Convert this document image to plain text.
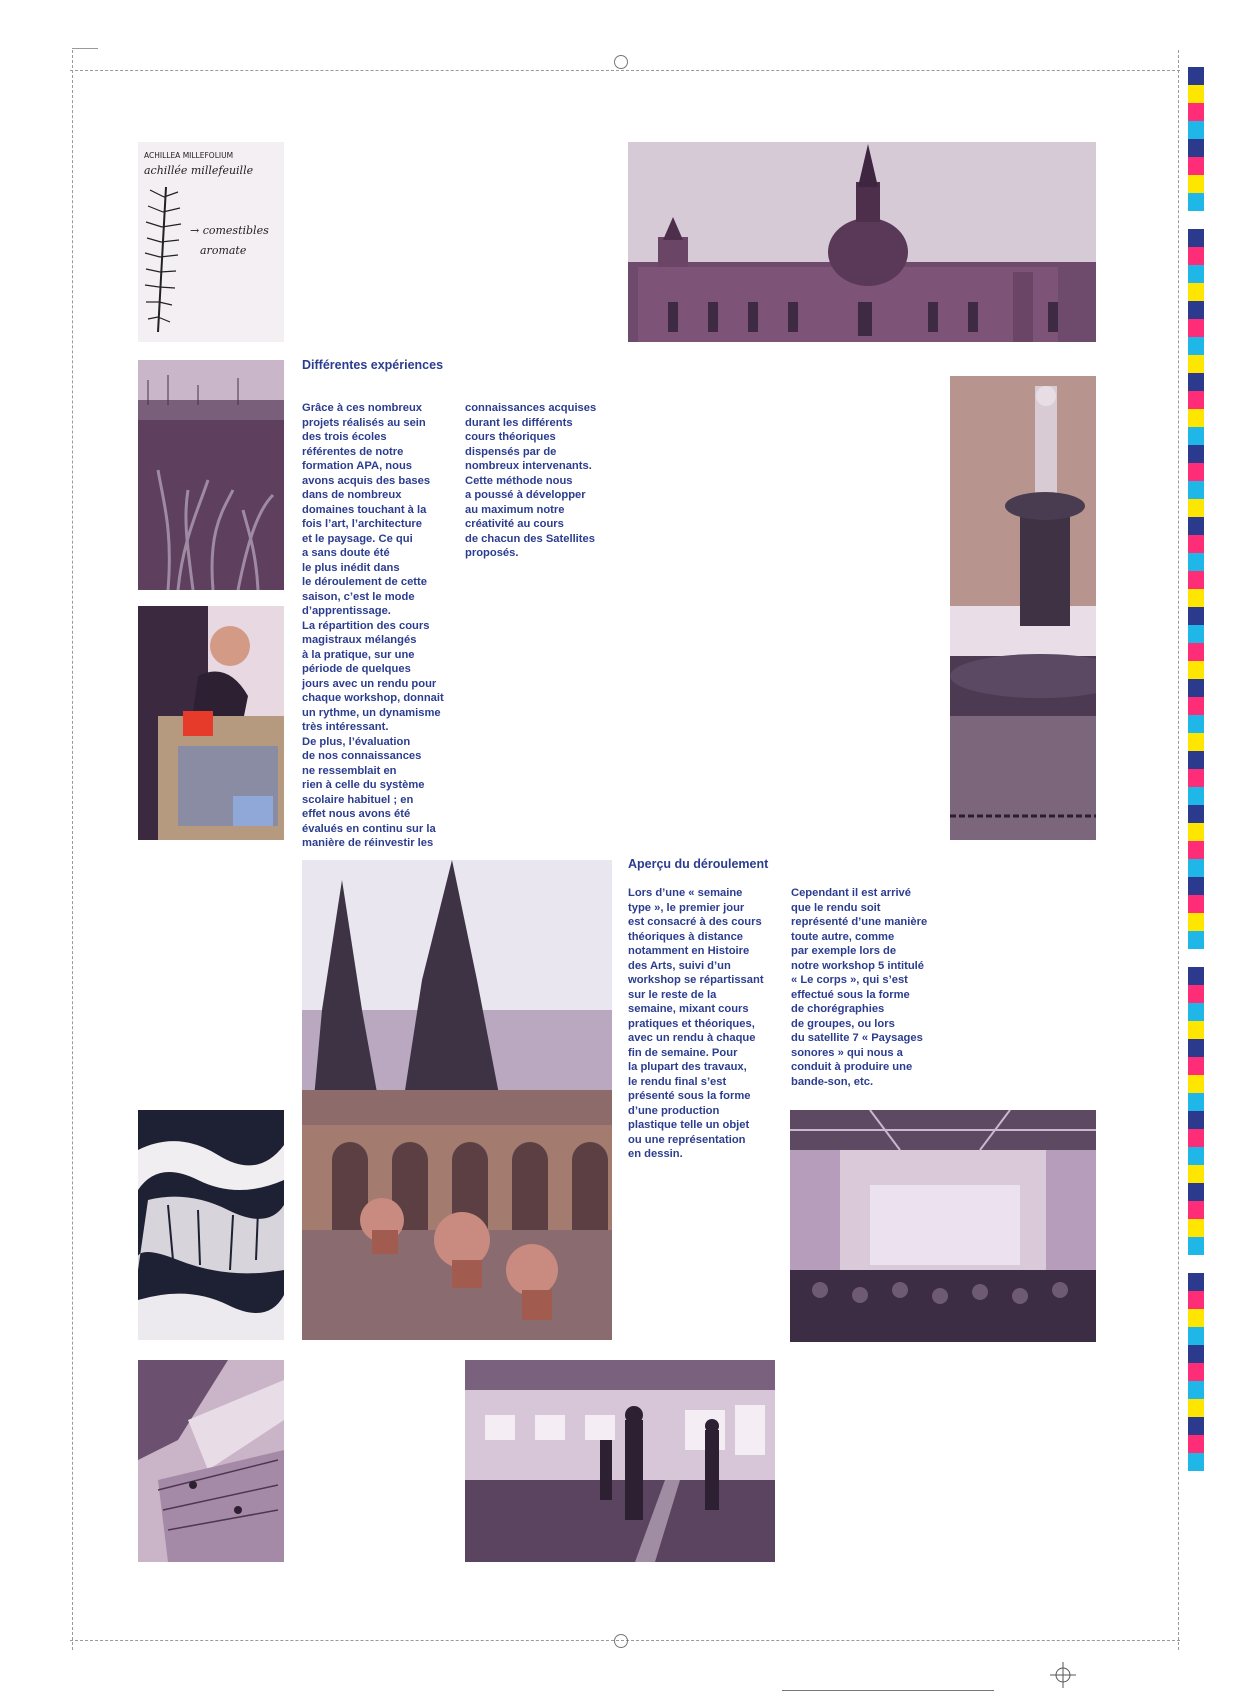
ACHILLEA MILLEFOLIUM
achillée millefeuille
→ comestibles
aromate
Différentes expériences
Grâce à ces nombreux
projets réalisés au sein
des trois écoles
référentes de notre
formation APA, nous
avons acquis des bases
dans de nombreux
domaines touchant à la
fois l’art, l’architecture
et le paysage. Ce qui
a sans doute été
le plus inédit dans
le déroulement de cette
saison, c’est le mode
d’apprentissage.
La répartition des cours
magistraux mélangés
à la pratique, sur une
période de quelques
jours avec un rendu pour
chaque workshop, donnait
un rythme, un dynamisme
très intéressant.
De plus, l’évaluation
de nos connaissances
ne ressemblait en
rien à celle du système
scolaire habituel ; en
effet nous avons été
évalués en continu sur la
manière de réinvestir les
connaissances acquises
durant les différents
cours théoriques
dispensés par de
nombreux intervenants.
Cette méthode nous
a poussé à développer
au maximum notre
créativité au cours
de chacun des Satellites
proposés.
Aperçu du déroulement
Lors d’une « semaine
type », le premier jour
est consacré à des cours
théoriques à distance
notamment en Histoire
des Arts, suivi d’un
workshop se répartissant
sur le reste de la
semaine, mixant cours
pratiques et théoriques,
avec un rendu à chaque
fin de semaine. Pour
la plupart des travaux,
le rendu final s’est
présenté sous la forme
d’une production
plastique telle un objet
ou une représentation
en dessin.
Cependant il est arrivé
que le rendu soit
représenté d’une manière
toute autre, comme
par exemple lors de
notre workshop 5 intitulé
« Le corps », qui s’est
effectué sous la forme
de chorégraphies
de groupes, ou lors
du satellite 7 « Paysages
sonores » qui nous a
conduit à produire une
bande-son, etc.
